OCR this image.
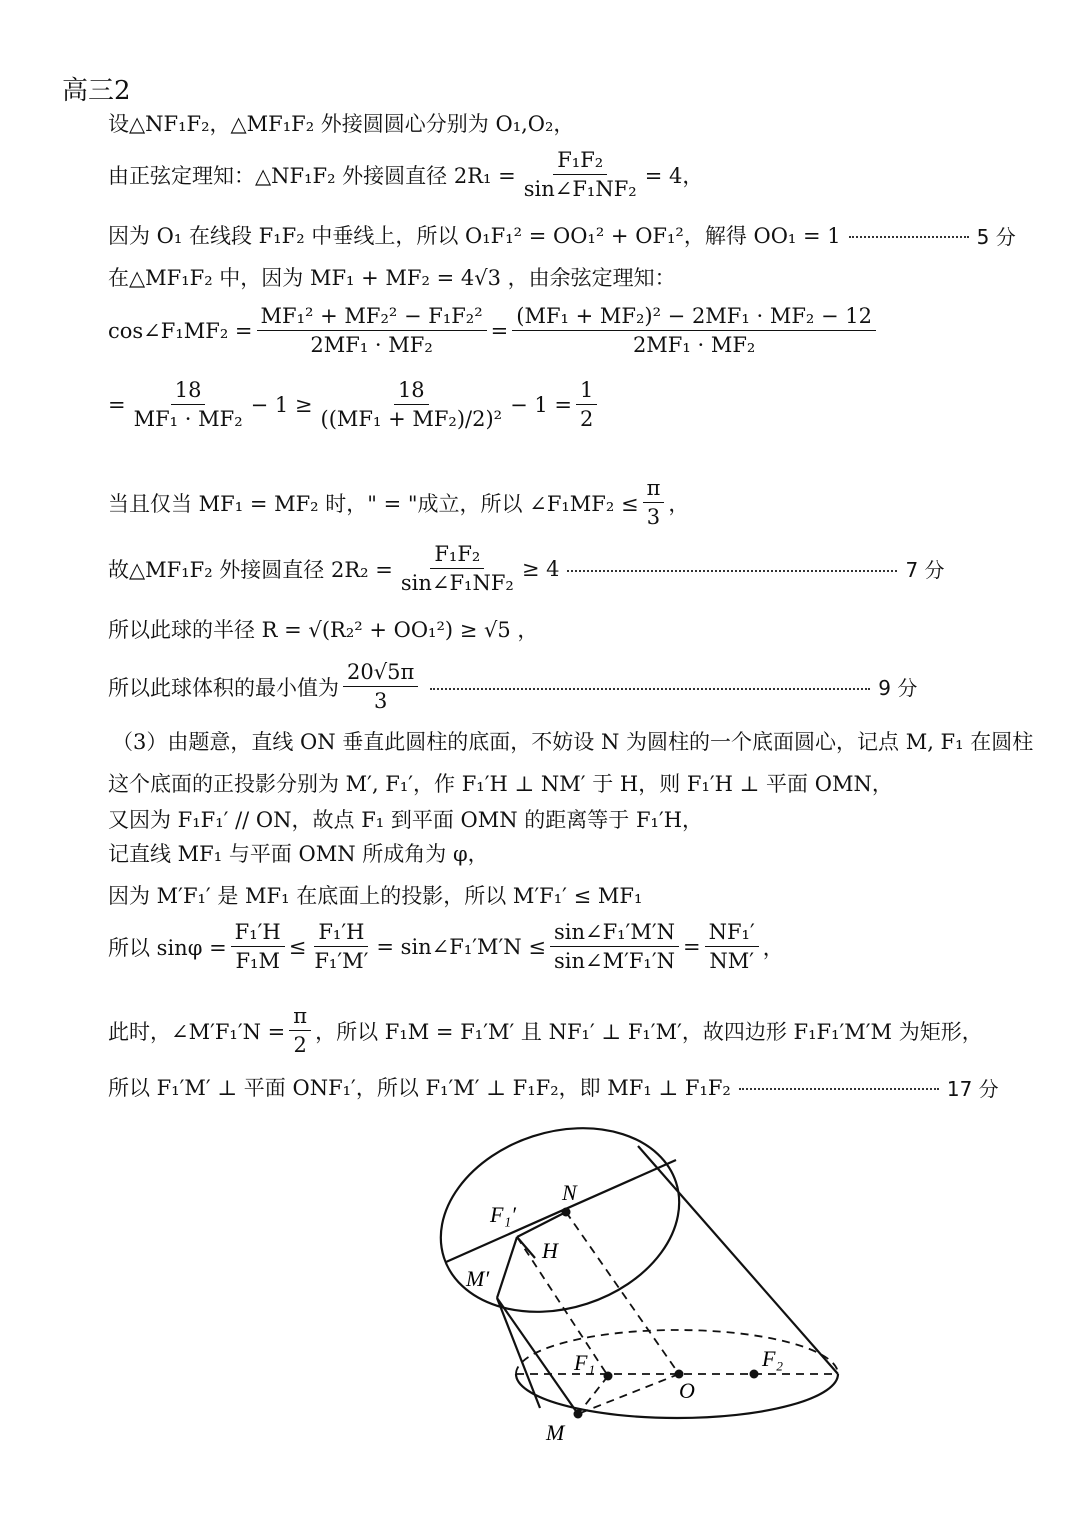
高三2
设△NF₁F₂，△MF₁F₂ 外接圆圆心分别为 O₁,O₂，
由正弦定理知：△NF₁F₂ 外接圆直径 $2R_1 = \frac{\text{F₁F₂}}{\text{sin∠F₁NF₂}} = 4$，
因为 O₁ 在线段 F₁F₂ 中垂线上，所以 O₁F₁² = OO₁² + OF₁²，解得 OO₁ = 1	5 分
在△MF₁F₂ 中，因为 MF₁ + MF₂ = 4√3 ，由余弦定理知：
cos∠F₁MF₂ = $\frac{\text{MF₁² + MF₂² − F₁F₂²}}{\text{2MF₁ · MF₂}} = \frac{\text{(MF₁ + MF₂)² − 2MF₁ · MF₂ − 12}}{\text{2MF₁ · MF₂}}$
= $\frac{18}{\text{MF₁ · MF₂}} - 1 \ge \frac{18}{\text{((MF₁ + MF₂)/2)²}} - 1 = \frac{1}{2}$
当且仅当 MF₁ = MF₂ 时，" = "成立，所以 ∠F₁MF₂ ≤ $\frac{\pi}{3}$ ，
故△MF₁F₂ 外接圆直径 $2R_2 = \frac{\text{F₁F₂}}{\text{sin∠F₁NF₂}} \ge 4$	7 分
所以此球的半径 R = √(R₂² + OO₁²) ≥ √5 ，
所以此球体积的最小值为 $\frac{20√5\pi}{3}$	9 分
（3）由题意，直线 ON 垂直此圆柱的底面，不妨设 N 为圆柱的一个底面圆心，记点 M, F₁ 在圆柱
这个底面的正投影分别为 M′, F₁′，作 F₁′H ⊥ NM′ 于 H，则 F₁′H ⊥ 平面 OMN，
又因为 F₁F₁′ // ON，故点 F₁ 到平面 OMN 的距离等于 F₁′H，
记直线 MF₁ 与平面 OMN 所成角为 φ，
因为 M′F₁′ 是 MF₁ 在底面上的投影，所以 M′F₁′ ≤ MF₁
所以 $\sin\varphi = \frac{\text{F₁′H}}{\text{F₁M}} \le \frac{\text{F₁′H}}{\text{F₁′M′}}$ = sin∠F₁′M′N ≤ $\frac{\text{sin∠F₁′M′N}}{\text{sin∠M′F₁′N}} = \frac{\text{NF₁′}}{NM'}$ ，
此时，∠M′F₁′N = $\frac{\pi}{2}$ ，所以 F₁M = F₁′M′ 且 NF₁′ ⊥ F₁′M′，故四边形 F₁F₁′M′M 为矩形，
所以 F₁′M′ ⊥ 平面 ONF₁′，所以 F₁′M′ ⊥ F₁F₂，即 MF₁ ⊥ F₁F₂	17 分
N
F₁′
H
M′
F₁
O
F₂
M
